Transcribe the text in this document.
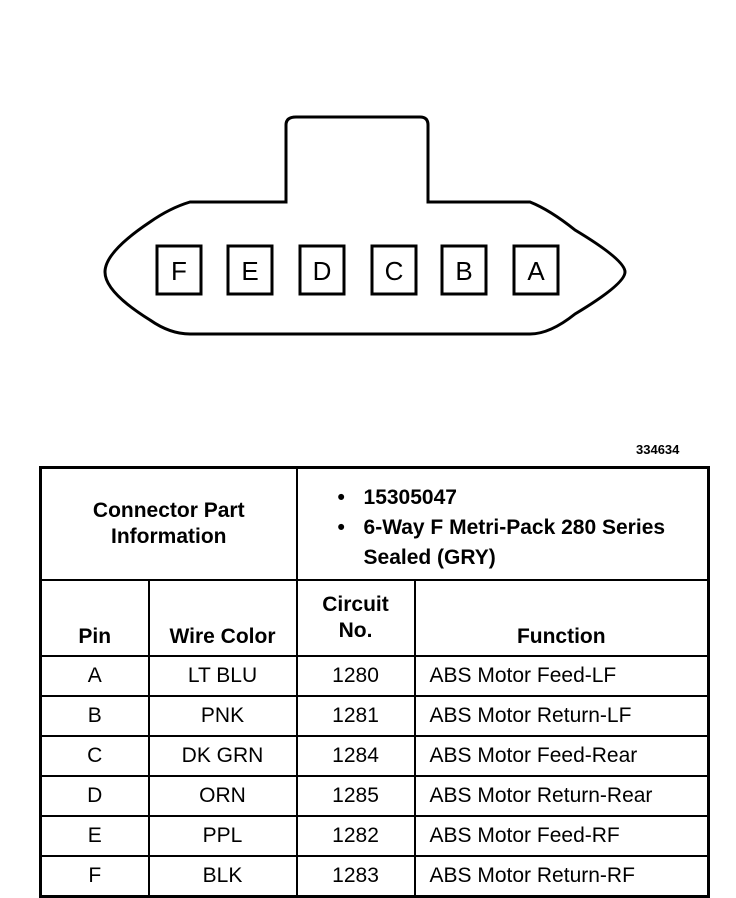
F E D C B A
334634
Connector Part Information		• 15305047
• 6-Way F Metri-Pack 280 Series Sealed (GRY)	

Pin	Wire Color	Circuit No.	Function
A	LT BLU	1280	ABS Motor Feed-LF
B	PNK	1281	ABS Motor Return-LF
C	DK GRN	1284	ABS Motor Feed-Rear
D	ORN	1285	ABS Motor Return-Rear
E	PPL	1282	ABS Motor Feed-RF
F	BLK	1283	ABS Motor Return-RF
